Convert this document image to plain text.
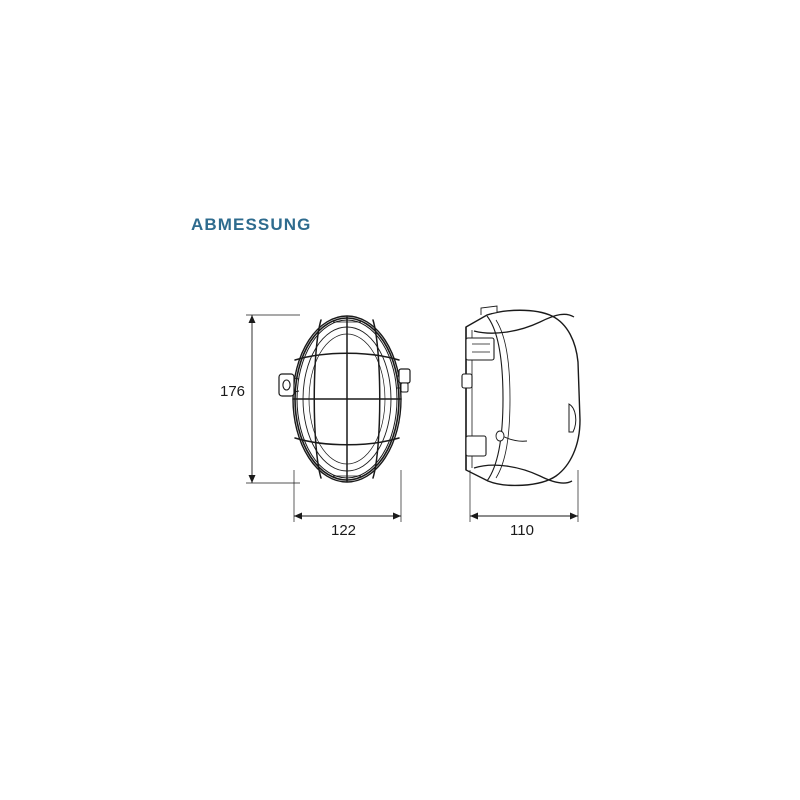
ABMESSUNG
176
122	110
